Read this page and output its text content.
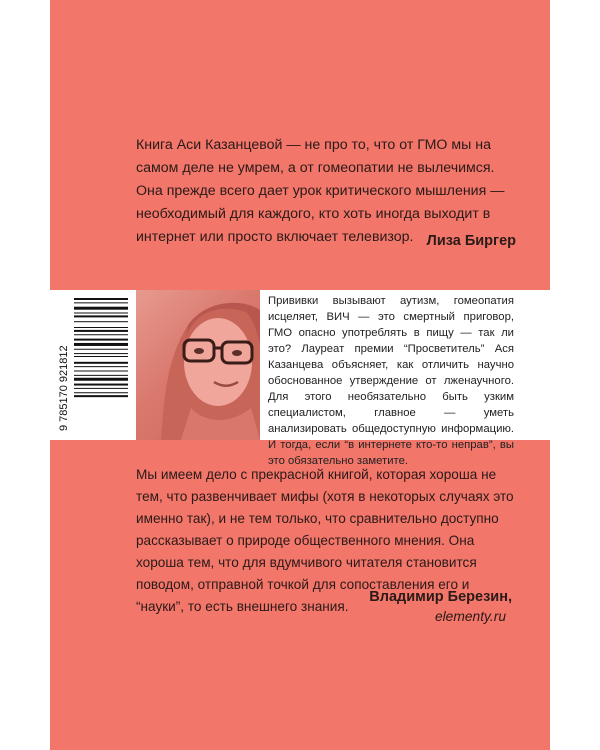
Книга Аси Казанцевой — не про то, что от ГМО мы на самом деле не умрем, а от гомеопатии не вылечимся. Она прежде всего дает урок критического мышления — необходимый для каждого, кто хоть иногда выходит в интернет или просто включает телевизор. Лиза Биргер
9 785170 921812

Прививки вызывают аутизм, гомеопатия исцеляет, ВИЧ — это смертный приговор, ГМО опасно употреблять в пищу — так ли это? Лауреат премии “Просветитель” Ася Казанцева объясняет, как отличить научно обоснованное утверждение от лженаучного. Для этого необязательно быть узким специалистом, главное — уметь анализировать общедоступную информацию. И тогда, если “в интернете кто-то неправ”, вы это обязательно заметите.

Мы имеем дело с прекрасной книгой, которая хороша не тем, что развенчивает мифы (хотя в некоторых случаях это именно так), и не тем только, что сравнительно доступно рассказывает о природе общественного мнения. Она хороша тем, что для вдумчивого читателя становится поводом, отправной точкой для сопоставления его и “науки”, то есть внешнего знания.

Владимир Березин,
elementy.ru
